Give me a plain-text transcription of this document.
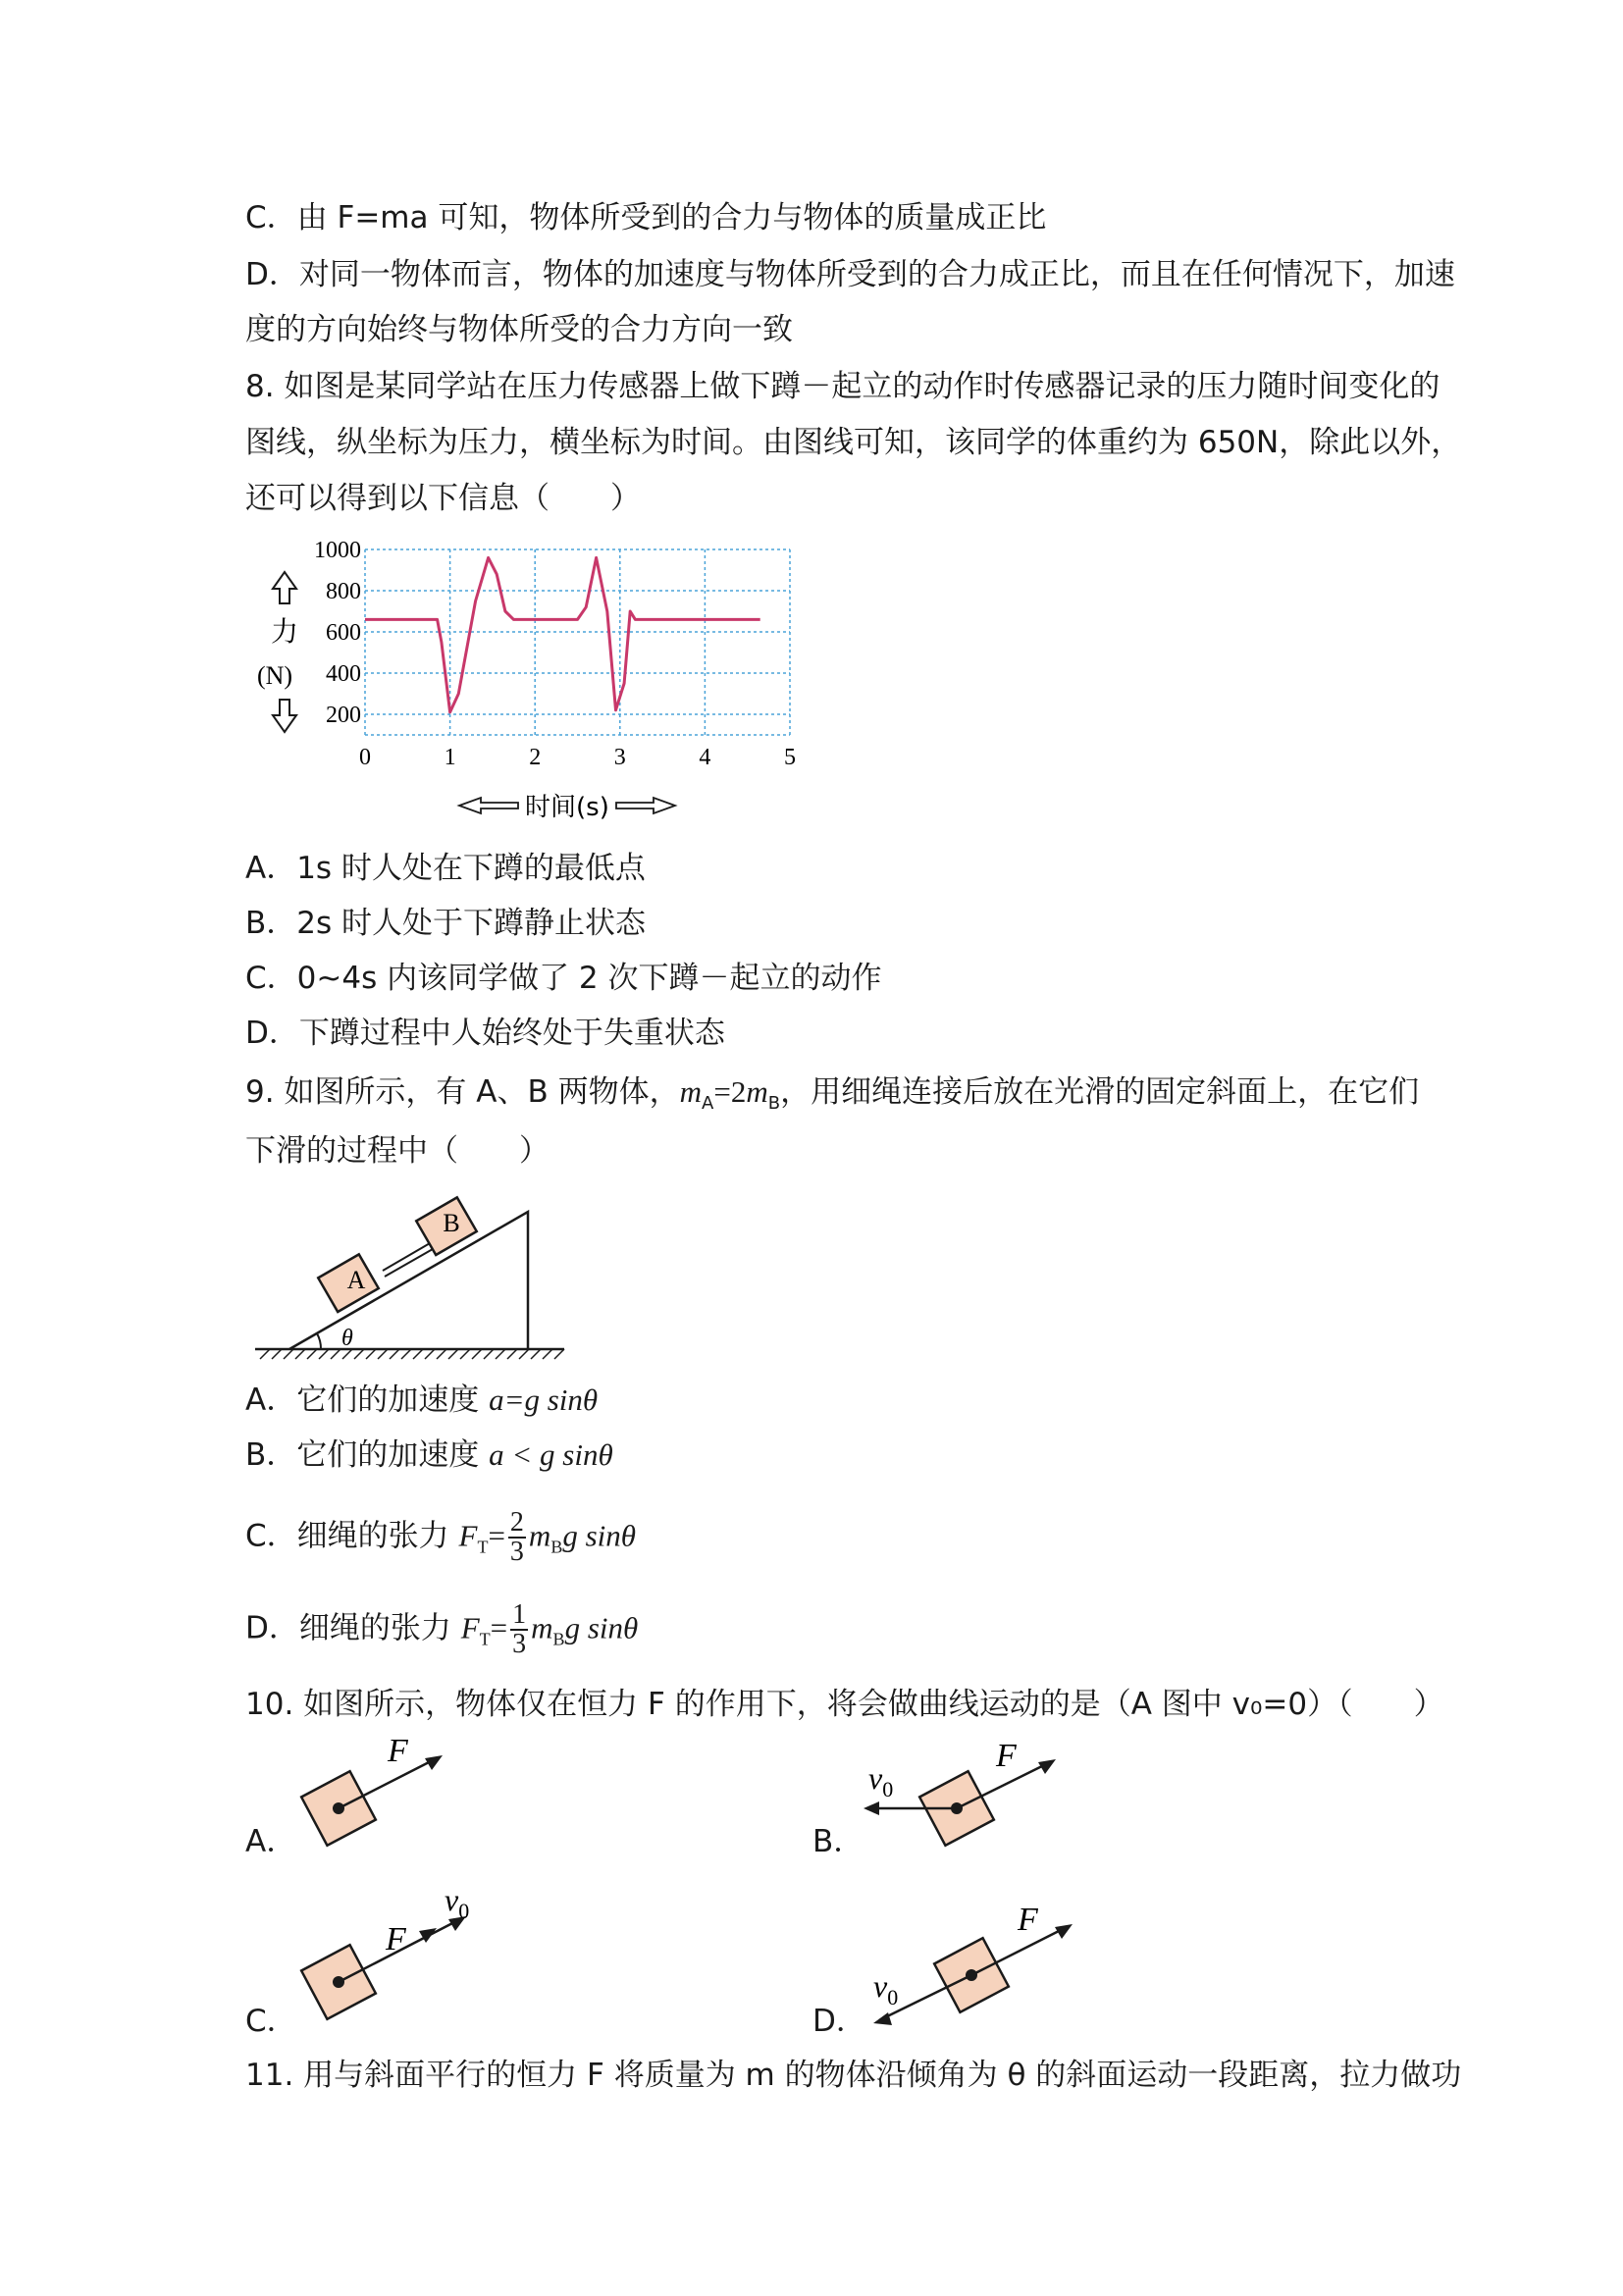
C．由 F=ma 可知，物体所受到的合力与物体的质量成正比
D．对同一物体而言，物体的加速度与物体所受到的合力成正比，而且在任何情况下，加速
度的方向始终与物体所受的合力方向一致
8. 如图是某同学站在压力传感器上做下蹲－起立的动作时传感器记录的压力随时间变化的
图线，纵坐标为压力，横坐标为时间。由图线可知，该同学的体重约为 650N，除此以外，
还可以得到以下信息（　　）
力
(N)
1000
800
600
400
200
0	1	2	3	4	5
时间(s)
A．1s 时人处在下蹲的最低点
B．2s 时人处于下蹲静止状态
C．0~4s 内该同学做了 2 次下蹲－起立的动作
D．下蹲过程中人始终处于失重状态
9. 如图所示，有 A、B 两物体，$m_A=2m_B$，用细绳连接后放在光滑的固定斜面上，在它们
下滑的过程中（　　）
A
B
θ
A．它们的加速度 a=g sinθ
B．它们的加速度 a < g sinθ
C．细绳的张力 $F_T= \frac{2}{3} m_Bg$ sinθ
D．细绳的张力 $F_T= \frac{1}{3} m_Bg$ sinθ
10. 如图所示，物体仅在恒力 F 的作用下，将会做曲线运动的是（A 图中 v₀=0）（　　）
A．
F
B．
$v_0$
F
C．
F
$v_0$
D．
$v_0$
F
11. 用与斜面平行的恒力 F 将质量为 m 的物体沿倾角为 θ 的斜面运动一段距离，拉力做功
